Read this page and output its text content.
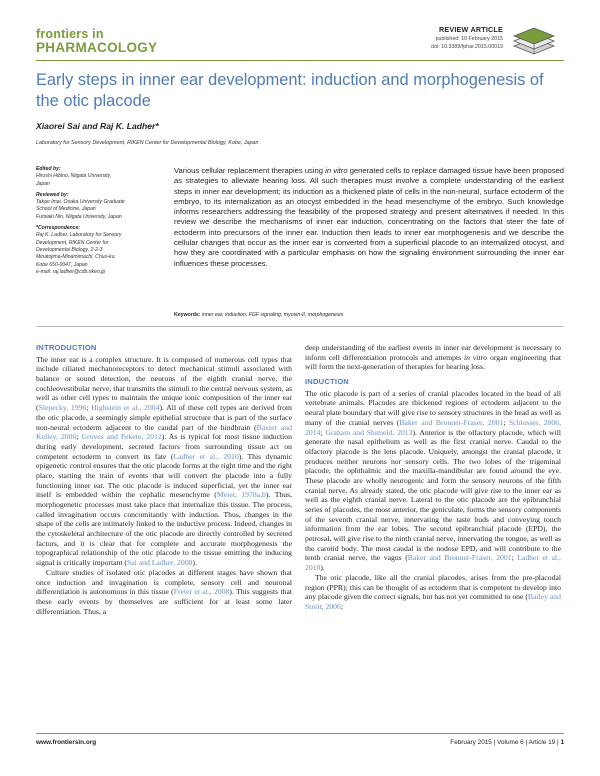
frontiers in
PHARMACOLOGY
REVIEW ARTICLE
published: 10 February 2015
doi: 10.3389/fphar.2015.00019
Early steps in inner ear development: induction and morphogenesis of the otic placode
Xiaorei Sai and Raj K. Ladher*
Laboratory for Sensory Development, RIKEN Center for Developmental Biology, Kobe, Japan
Edited by:
Hiroshi Hibino, Niigata University,
Japan
Reviewed by:
Takao Imai, Osaka University Graduate
School of Medicine, Japan
Fumiaki Nin, Niigata University, Japan
*Correspondence:
Raj K. Ladher, Laboratory for Sensory
Development, RIKEN Center for
Developmental Biology, 2-2-3
Minatojima-Minamimachi, Chuo-ku,
Kobe 650-0047, Japan
e-mail: raj.ladher@cdb.riken.jp
Various cellular replacement therapies using in vitro generated cells to replace damaged tissue have been proposed as strategies to alleviate hearing loss. All such therapies must involve a complete understanding of the earliest steps in inner ear development; its induction as a thickened plate of cells in the non-neural, surface ectoderm of the embryo, to its internalization as an otocyst embedded in the head mesenchyme of the embryo. Such knowledge informs researchers addressing the feasibility of the proposed strategy and present alternatives if needed. In this review we describe the mechanisms of inner ear induction, concentrating on the factors that steer the fate of ectoderm into precursors of the inner ear. Induction then leads to inner ear morphogenesis and we describe the cellular changes that occur as the inner ear is converted from a superficial placode to an internalized otocyst, and how they are coordinated with a particular emphasis on how the signaling environment surrounding the inner ear influences these processes.
Keywords: inner ear, induction, FGF signaling, myosin-II, morphogenesis
INTRODUCTION

The inner ear is a complex structure. It is composed of numerous cell types that include ciliated mechanoreceptors to detect mechanical stimuli associated with balance or sound detection, the neurons of the eighth cranial nerve, the cochleovestibular nerve, that transmits the stimuli to the central nervous system, as well as other cell types to maintain the unique ionic composition of the inner ear (Slepecky, 1996; Highstein et al., 2004). All of these cell types are derived from the otic placode, a seemingly simple epithelial structure that is part of the surface non-neural ectoderm adjacent to the caudal part of the hindbrain (Baxter and Kelley, 2006; Groves and Fekete, 2012). As is typical for most tissue induction during early development, secreted factors from surrounding tissue act on competent ectoderm to convert its fate (Ladher et al., 2010). This dynamic epigenetic control ensures that the otic placode forms at the right time and the right place, starting the train of events that will convert the placode into a fully functioning inner ear. The otic placode is induced superficial, yet the inner ear itself is embedded within the cephalic mesenchyme (Meier, 1978a,b). Thus, morphogenetic processes must take place that internalize this tissue. The process, called invagination occurs concomitantly with induction. Thus, changes in the shape of the cells are intimately linked to the inductive process. Indeed, changes in the cytoskeletal architecture of the otic placode are directly controlled by secreted factors, and it is clear that for complete and accurate morphogenesis the topographical relationship of the otic placode to the tissue emitting the inducing signal is critically important (Sai and Ladher, 2008).

Culture studies of isolated otic placodes at different stages have shown that once induction and invagination is complete, sensory cell and neuronal differentiation is autonomous in this tissue (Freter et al., 2008). This suggests that these early events by themselves are sufficient for at least some later differentiation. Thus, a

deep understanding of the earliest events in inner ear development is necessary to inform cell differentiation protocols and attempts in vitro organ engineering that will form the next-generation of therapies for hearing loss.

INDUCTION

The otic placode is part of a series of cranial placodes located in the head of all vertebrate animals. Placodes are thickened regions of ectoderm adjacent to the neural plate boundary that will give rise to sensory structures in the head as well as many of the cranial nerves (Baker and Bronner-Fraser, 2001; Schlosser, 2006, 2014; Graham and Shimeld, 2013). Anterior is the olfactory placode, which will generate the nasal epithelium as well as the first cranial nerve. Caudal to the olfactory placode is the lens placode. Uniquely, amongst the cranial placode, it produces neither neurons nor sensory cells. The two lobes of the trigeminal placode, the ophthalmic and the maxilla-mandibular are found around the eye. These placode are wholly neurogenic and form the sensory neurons of the fifth cranial nerve. As already stated, the otic placode will give rise to the inner ear as well as the eighth cranial nerve. Lateral to the otic placode are the epibranchial series of placodes, the most anterior, the geniculate, forms the sensory components of the seventh cranial nerve, innervating the taste buds and conveying touch information from the ear lobes. The second epibranchial placode (EPD), the petrosal, will give rise to the ninth cranial nerve, innervating the tongue, as well as the carotid body. The most caudal is the nodose EPD, and will contribute to the tenth cranial nerve, the vagus (Baker and Bronner-Fraser, 2001; Ladher et al., 2010).

The otic placode, like all the cranial placodes, arises from the pre-placodal region (PPR); this can be thought of as ectoderm that is competent to develop into any placode given the correct signals, but has not yet committed to one (Bailey and Streit, 2006;

www.frontiersin.org	February 2015 | Volume 6 | Article 19 | 1
